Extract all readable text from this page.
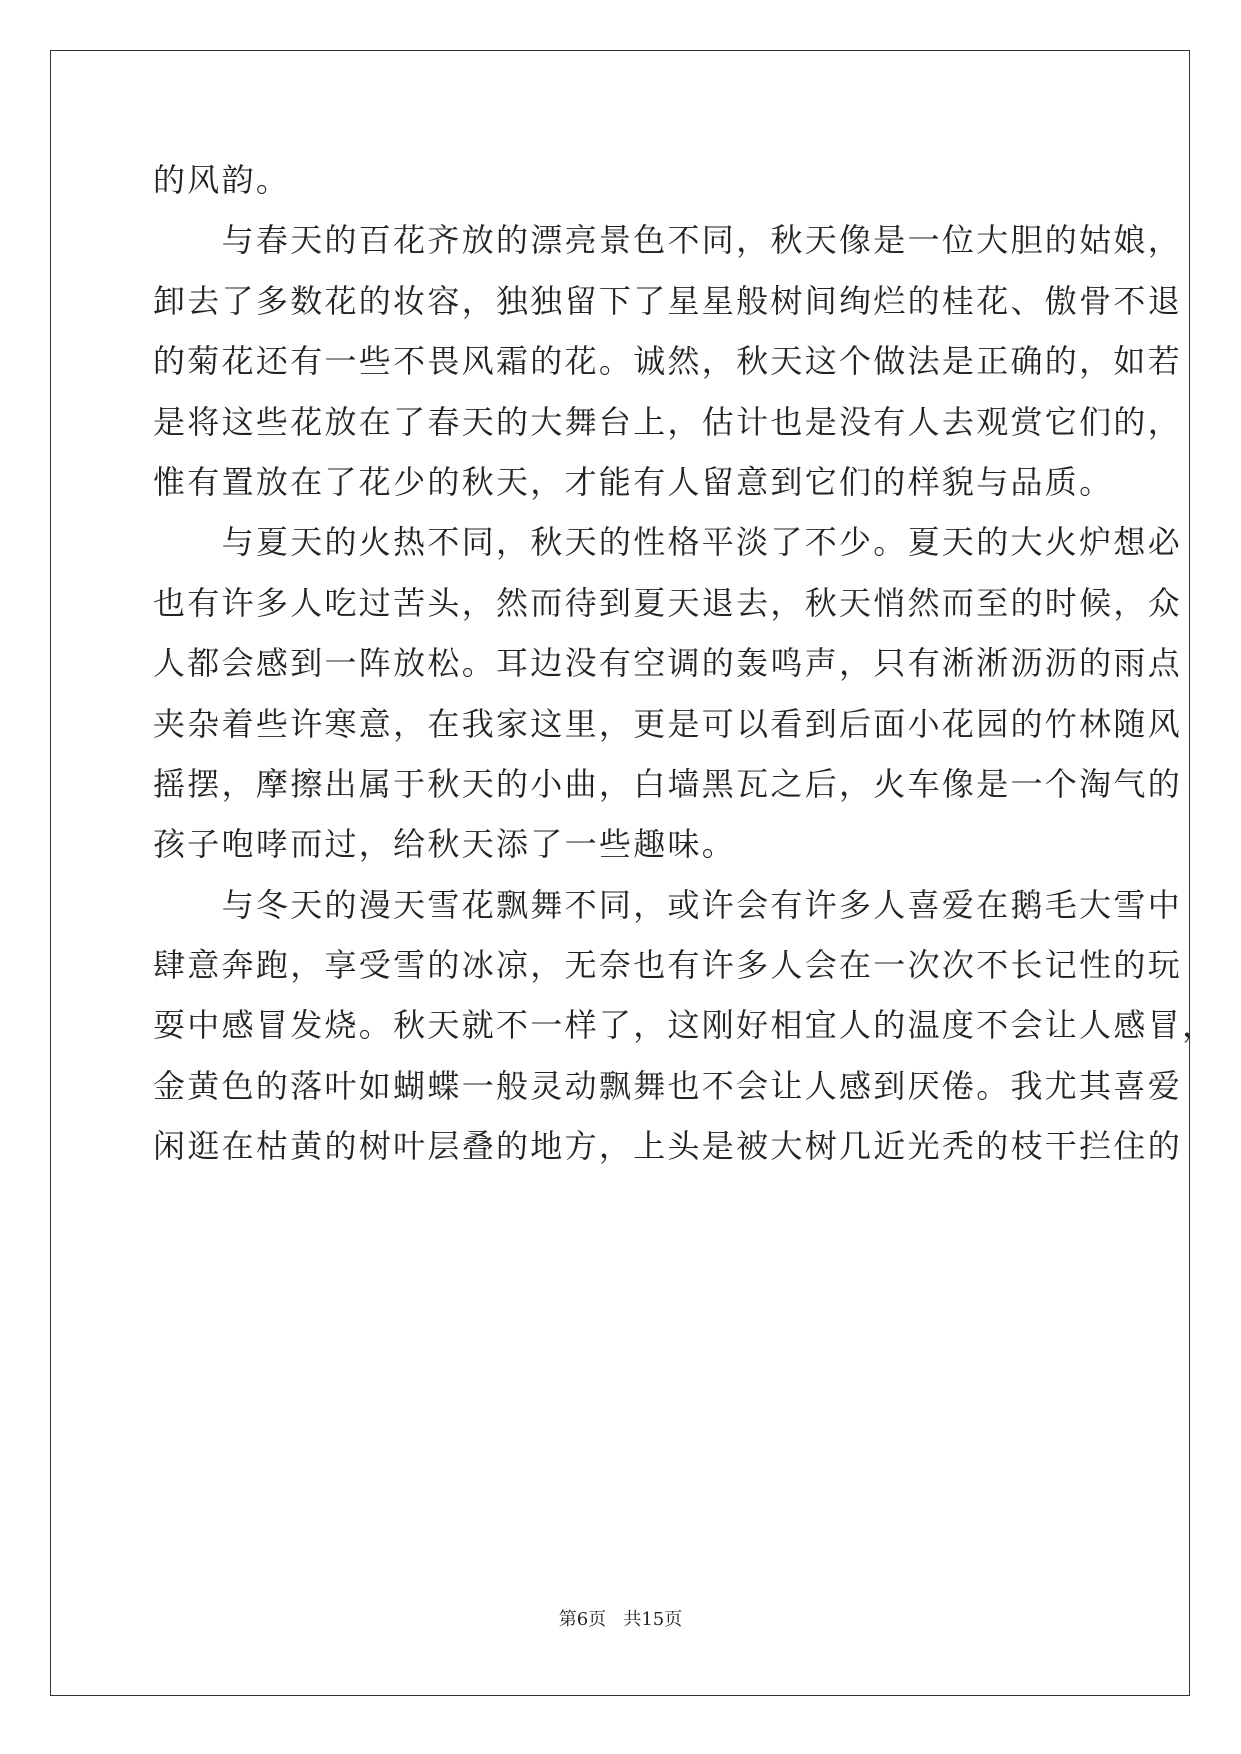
的风韵。
　　与春天的百花齐放的漂亮景色不同，秋天像是一位大胆的姑娘，
卸去了多数花的妆容，独独留下了星星般树间绚烂的桂花、傲骨不退
的菊花还有一些不畏风霜的花。诚然，秋天这个做法是正确的，如若
是将这些花放在了春天的大舞台上，估计也是没有人去观赏它们的，
惟有置放在了花少的秋天，才能有人留意到它们的样貌与品质。
　　与夏天的火热不同，秋天的性格平淡了不少。夏天的大火炉想必
也有许多人吃过苦头，然而待到夏天退去，秋天悄然而至的时候，众
人都会感到一阵放松。耳边没有空调的轰鸣声，只有淅淅沥沥的雨点
夹杂着些许寒意，在我家这里，更是可以看到后面小花园的竹林随风
摇摆，摩擦出属于秋天的小曲，白墙黑瓦之后，火车像是一个淘气的
孩子咆哮而过，给秋天添了一些趣味。
　　与冬天的漫天雪花飘舞不同，或许会有许多人喜爱在鹅毛大雪中
肆意奔跑，享受雪的冰凉，无奈也有许多人会在一次次不长记性的玩
耍中感冒发烧。秋天就不一样了，这刚好相宜人的温度不会让人感冒，
金黄色的落叶如蝴蝶一般灵动飘舞也不会让人感到厌倦。我尤其喜爱
闲逛在枯黄的树叶层叠的地方，上头是被大树几近光秃的枝干拦住的
第6页   共15页
